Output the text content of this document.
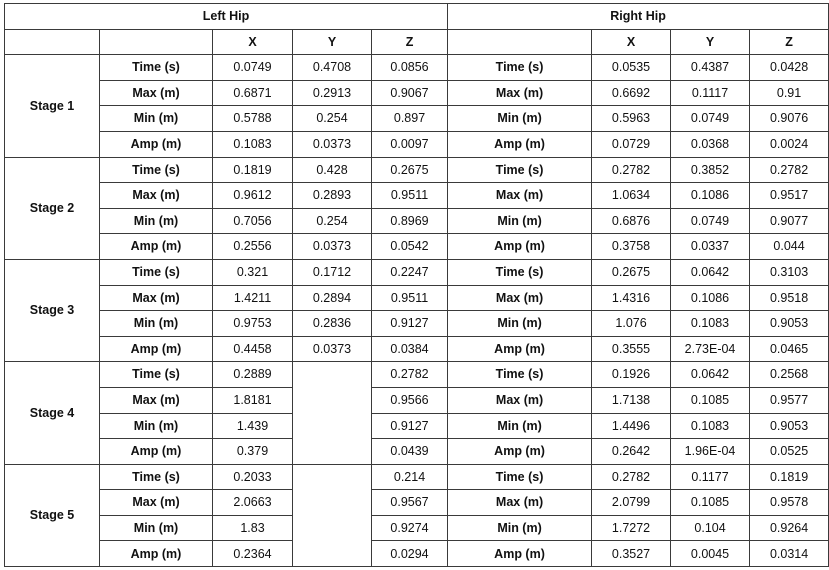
Left Hip					Right Hip			
		X	Y	Z		X	Y	Z
Stage 1	Time (s)	0.0749	0.4708	0.0856	Time (s)	0.0535	0.4387	0.0428
	Max (m)	0.6871	0.2913	0.9067	Max (m)	0.6692	0.1117	0.91
	Min (m)	0.5788	0.254	0.897	Min (m)	0.5963	0.0749	0.9076
	Amp (m)	0.1083	0.0373	0.0097	Amp (m)	0.0729	0.0368	0.0024
Stage 2	Time (s)	0.1819	0.428	0.2675	Time (s)	0.2782	0.3852	0.2782
	Max (m)	0.9612	0.2893	0.9511	Max (m)	1.0634	0.1086	0.9517
	Min (m)	0.7056	0.254	0.8969	Min (m)	0.6876	0.0749	0.9077
	Amp (m)	0.2556	0.0373	0.0542	Amp (m)	0.3758	0.0337	0.044
Stage 3	Time (s)	0.321	0.1712	0.2247	Time (s)	0.2675	0.0642	0.3103
	Max (m)	1.4211	0.2894	0.9511	Max (m)	1.4316	0.1086	0.9518
	Min (m)	0.9753	0.2836	0.9127	Min (m)	1.076	0.1083	0.9053
	Amp (m)	0.4458	0.0373	0.0384	Amp (m)	0.3555	2.73E-04	0.0465
Stage 4	Time (s)	0.2889		0.2782	Time (s)	0.1926	0.0642	0.2568
	Max (m)	1.8181		0.9566	Max (m)	1.7138	0.1085	0.9577
	Min (m)	1.439		0.9127	Min (m)	1.4496	0.1083	0.9053
	Amp (m)	0.379		0.0439	Amp (m)	0.2642	1.96E-04	0.0525
Stage 5	Time (s)	0.2033		0.214	Time (s)	0.2782	0.1177	0.1819
	Max (m)	2.0663		0.9567	Max (m)	2.0799	0.1085	0.9578
	Min (m)	1.83		0.9274	Min (m)	1.7272	0.104	0.9264
	Amp (m)	0.2364		0.0294	Amp (m)	0.3527	0.0045	0.0314
